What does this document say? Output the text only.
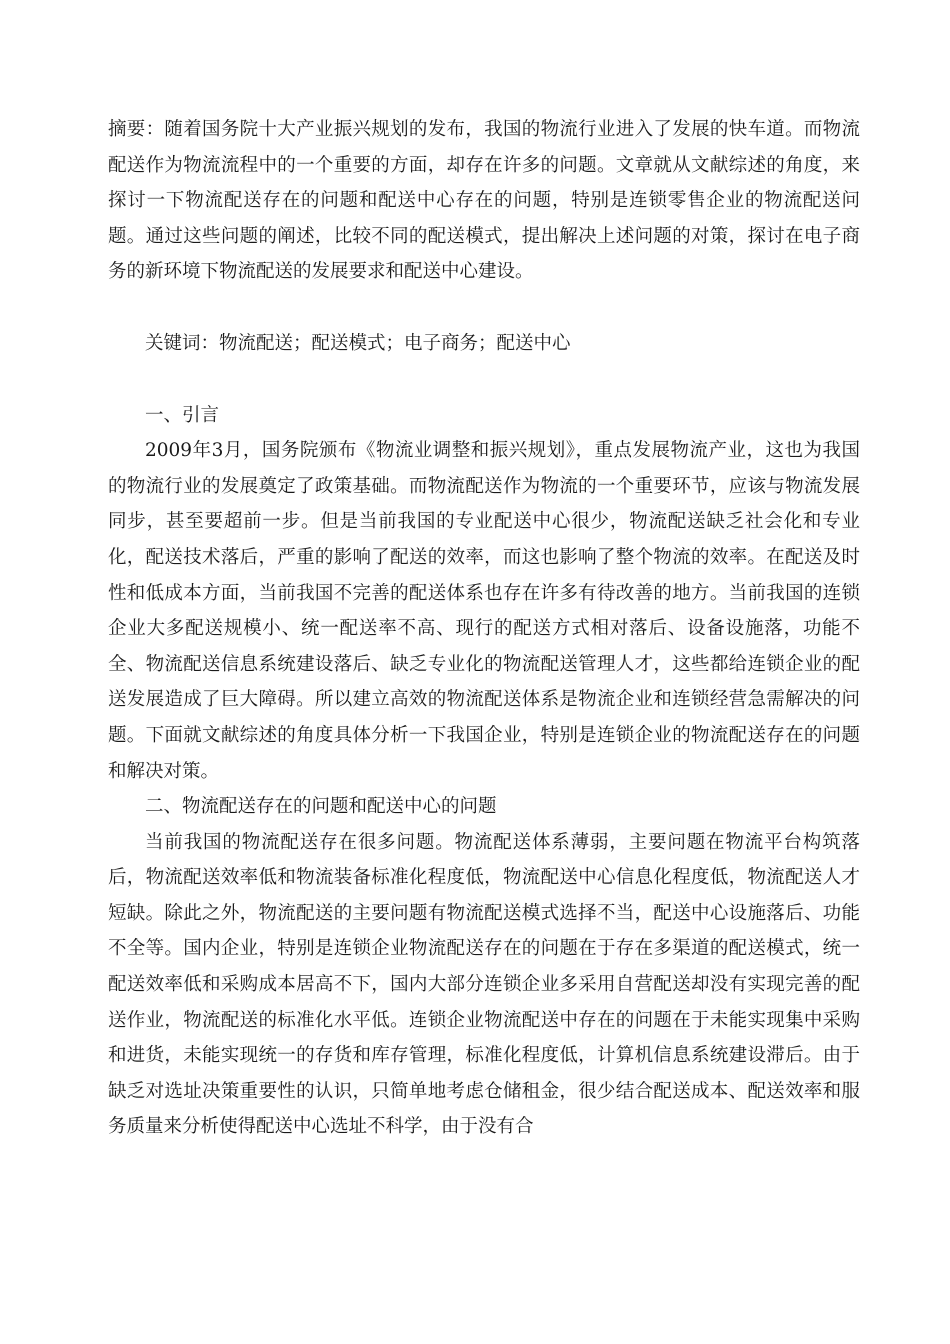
摘要：随着国务院十大产业振兴规划的发布，我国的物流行业进入了发展的快车道。而物流配送作为物流流程中的一个重要的方面，却存在许多的问题。文章就从文献综述的角度，来探讨一下物流配送存在的问题和配送中心存在的问题，特别是连锁零售企业的物流配送问题。通过这些问题的阐述，比较不同的配送模式，提出解决上述问题的对策，探讨在电子商务的新环境下物流配送的发展要求和配送中心建设。

关键词：物流配送；配送模式；电子商务；配送中心

一、引言

2009年3月，国务院颁布《物流业调整和振兴规划》，重点发展物流产业，这也为我国的物流行业的发展奠定了政策基础。而物流配送作为物流的一个重要环节，应该与物流发展同步，甚至要超前一步。但是当前我国的专业配送中心很少，物流配送缺乏社会化和专业化，配送技术落后，严重的影响了配送的效率，而这也影响了整个物流的效率。在配送及时性和低成本方面，当前我国不完善的配送体系也存在许多有待改善的地方。当前我国的连锁企业大多配送规模小、统一配送率不高、现行的配送方式相对落后、设备设施落，功能不全、物流配送信息系统建设落后、缺乏专业化的物流配送管理人才，这些都给连锁企业的配送发展造成了巨大障碍。所以建立高效的物流配送体系是物流企业和连锁经营急需解决的问题。下面就文献综述的角度具体分析一下我国企业，特别是连锁企业的物流配送存在的问题和解决对策。

二、物流配送存在的问题和配送中心的问题

当前我国的物流配送存在很多问题。物流配送体系薄弱，主要问题在物流平台构筑落后，物流配送效率低和物流装备标准化程度低，物流配送中心信息化程度低，物流配送人才短缺。除此之外，物流配送的主要问题有物流配送模式选择不当，配送中心设施落后、功能不全等。国内企业，特别是连锁企业物流配送存在的问题在于存在多渠道的配送模式，统一配送效率低和采购成本居高不下，国内大部分连锁企业多采用自营配送却没有实现完善的配送作业，物流配送的标准化水平低。连锁企业物流配送中存在的问题在于未能实现集中采购和进货，未能实现统一的存货和库存管理，标准化程度低，计算机信息系统建设滞后。由于缺乏对选址决策重要性的认识，只简单地考虑仓储租金，很少结合配送成本、配送效率和服务质量来分析使得配送中心选址不科学，由于没有合
